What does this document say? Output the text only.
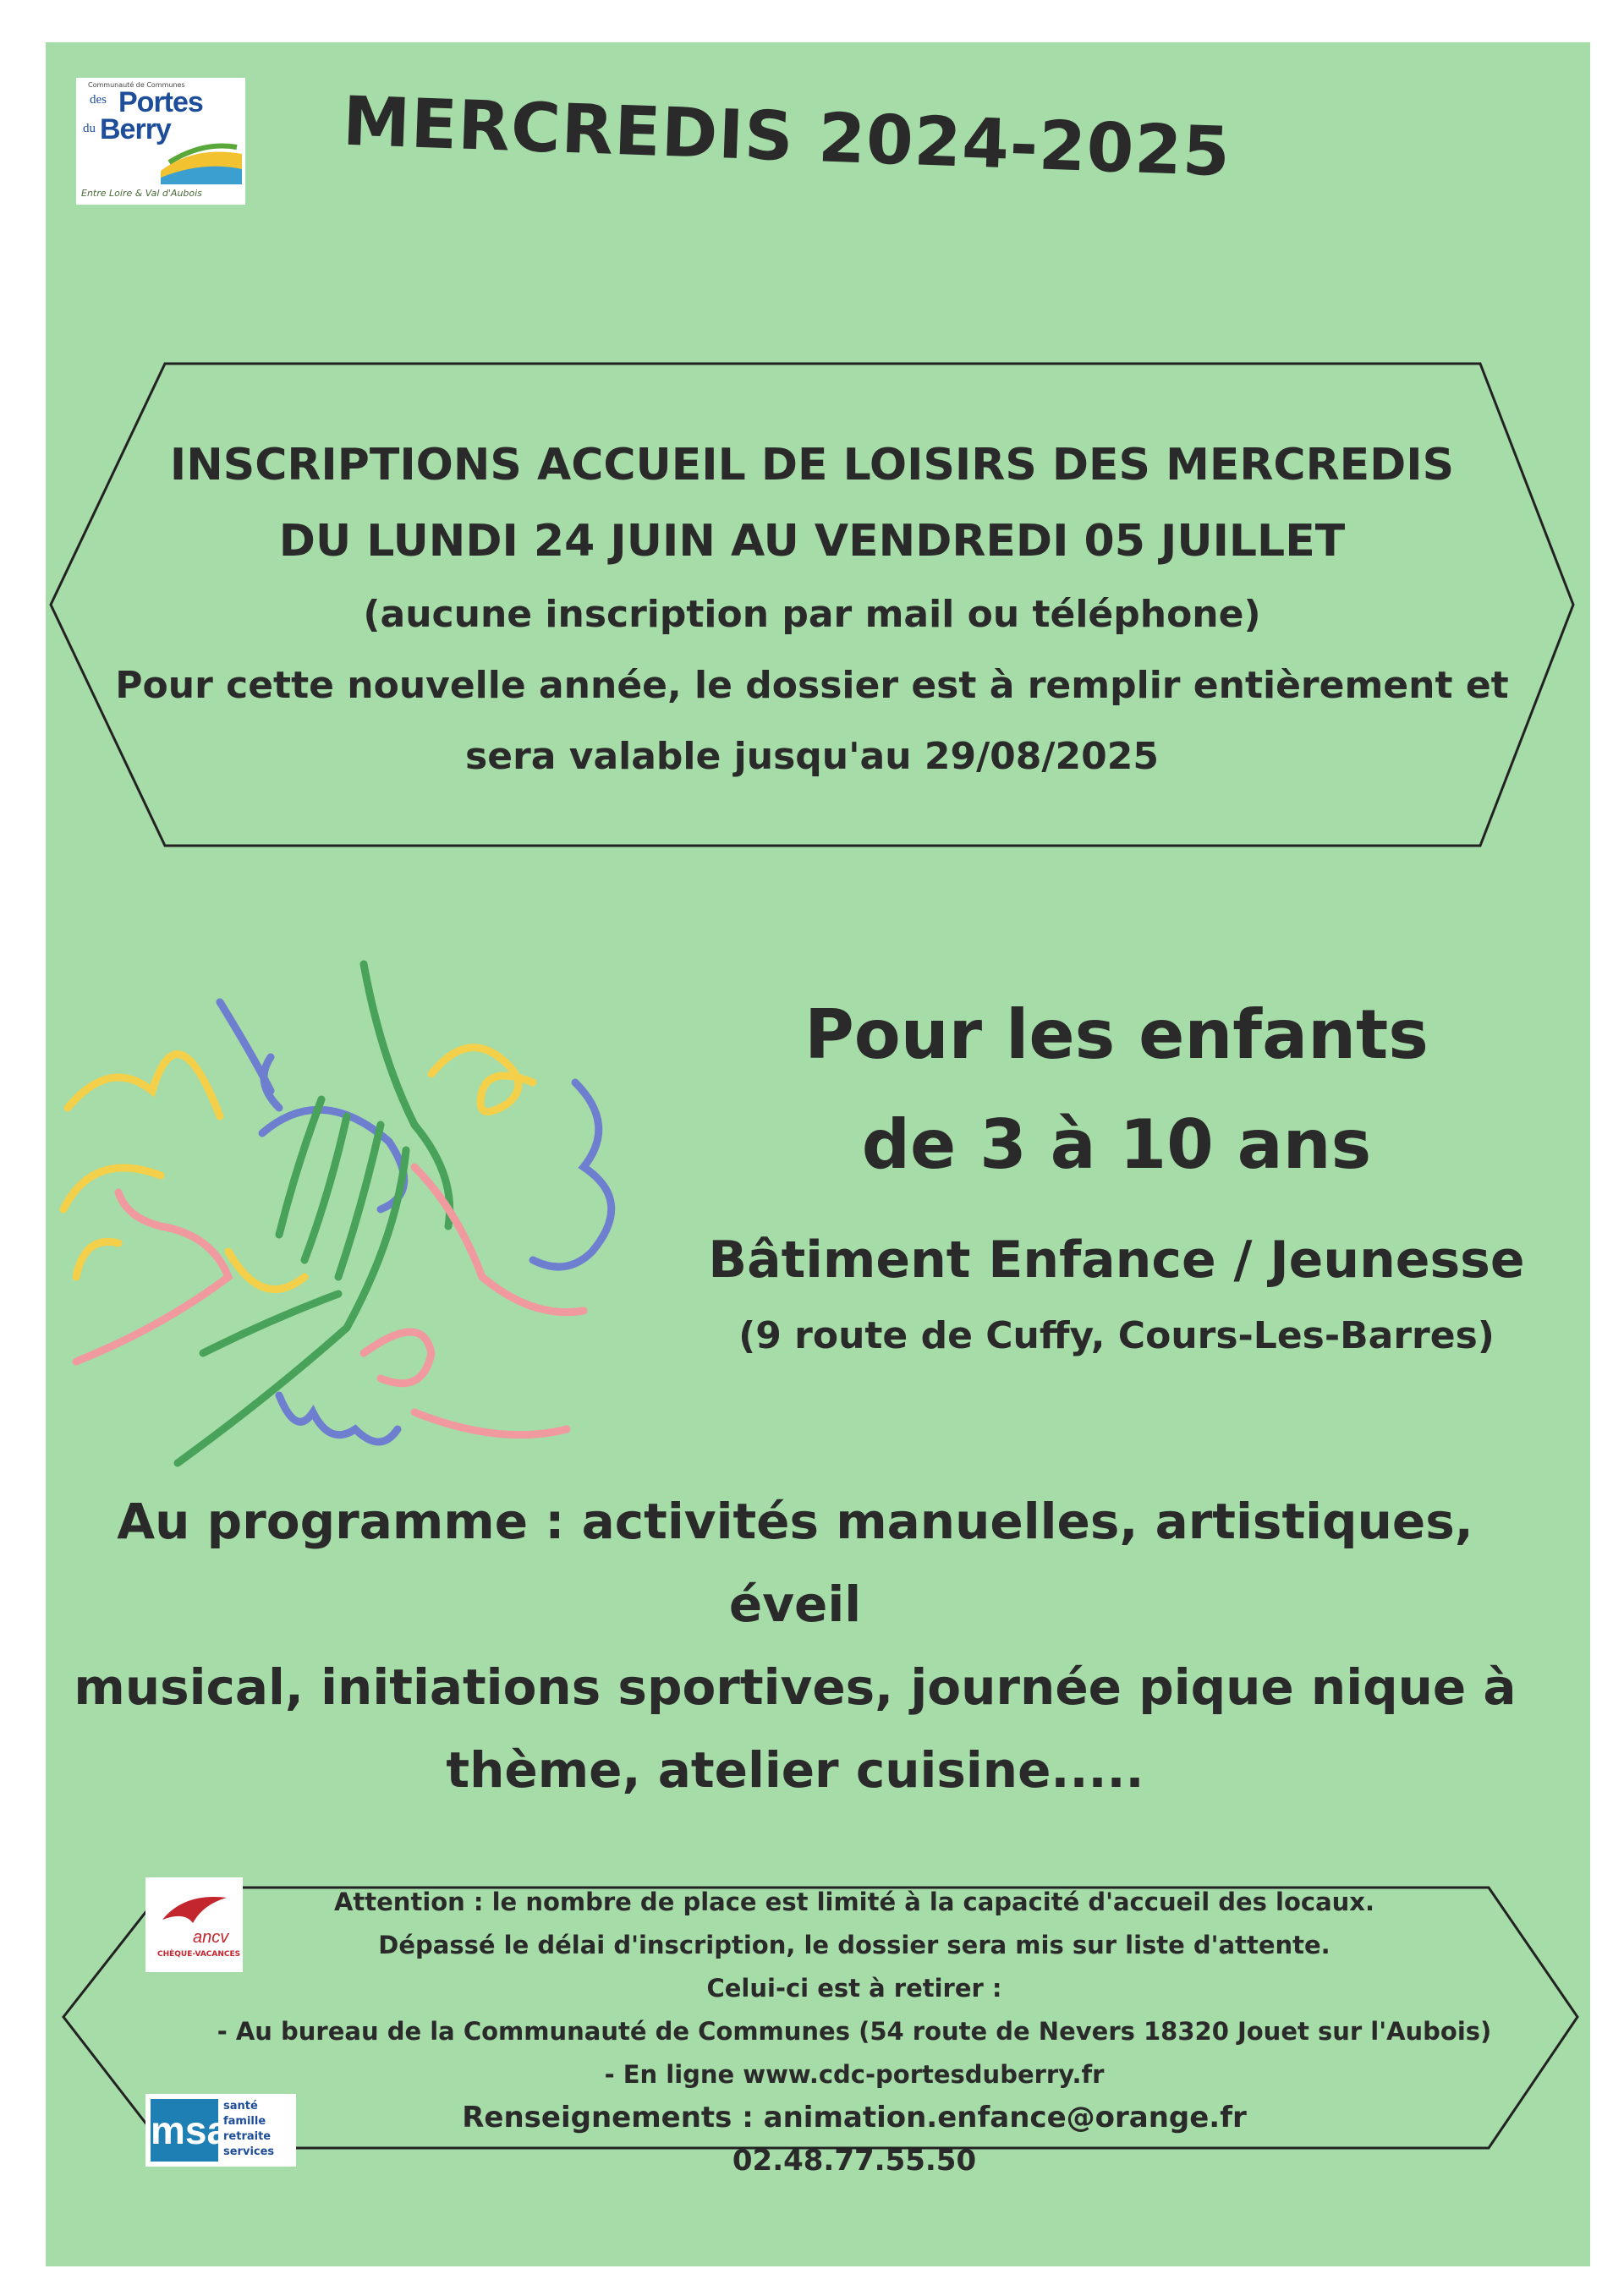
Communauté de Communes
des Portes
du Berry
Entre Loire & Val d'Aubois
MERCREDIS 2024-2025
INSCRIPTIONS ACCUEIL DE LOISIRS DES MERCREDIS
DU LUNDI 24 JUIN AU VENDREDI 05 JUILLET
(aucune inscription par mail ou téléphone)
Pour cette nouvelle année, le dossier est à remplir entièrement et
sera valable jusqu'au 29/08/2025
Pour les enfants
de 3 à 10 ans
Bâtiment Enfance / Jeunesse
(9 route de Cuffy, Cours-Les-Barres)
Au programme : activités manuelles, artistiques, éveil
musical, initiations sportives, journée pique nique à
thème, atelier cuisine.....
ancv
CHÈQUE-VACANCES
msa
santé
famille
retraite
services
Attention : le nombre de place est limité à la capacité d'accueil des locaux.
Dépassé le délai d'inscription, le dossier sera mis sur liste d'attente.
Celui-ci est à retirer :
- Au bureau de la Communauté de Communes (54 route de Nevers 18320 Jouet sur l'Aubois)
- En ligne www.cdc-portesduberry.fr
Renseignements : animation.enfance@orange.fr
02.48.77.55.50
